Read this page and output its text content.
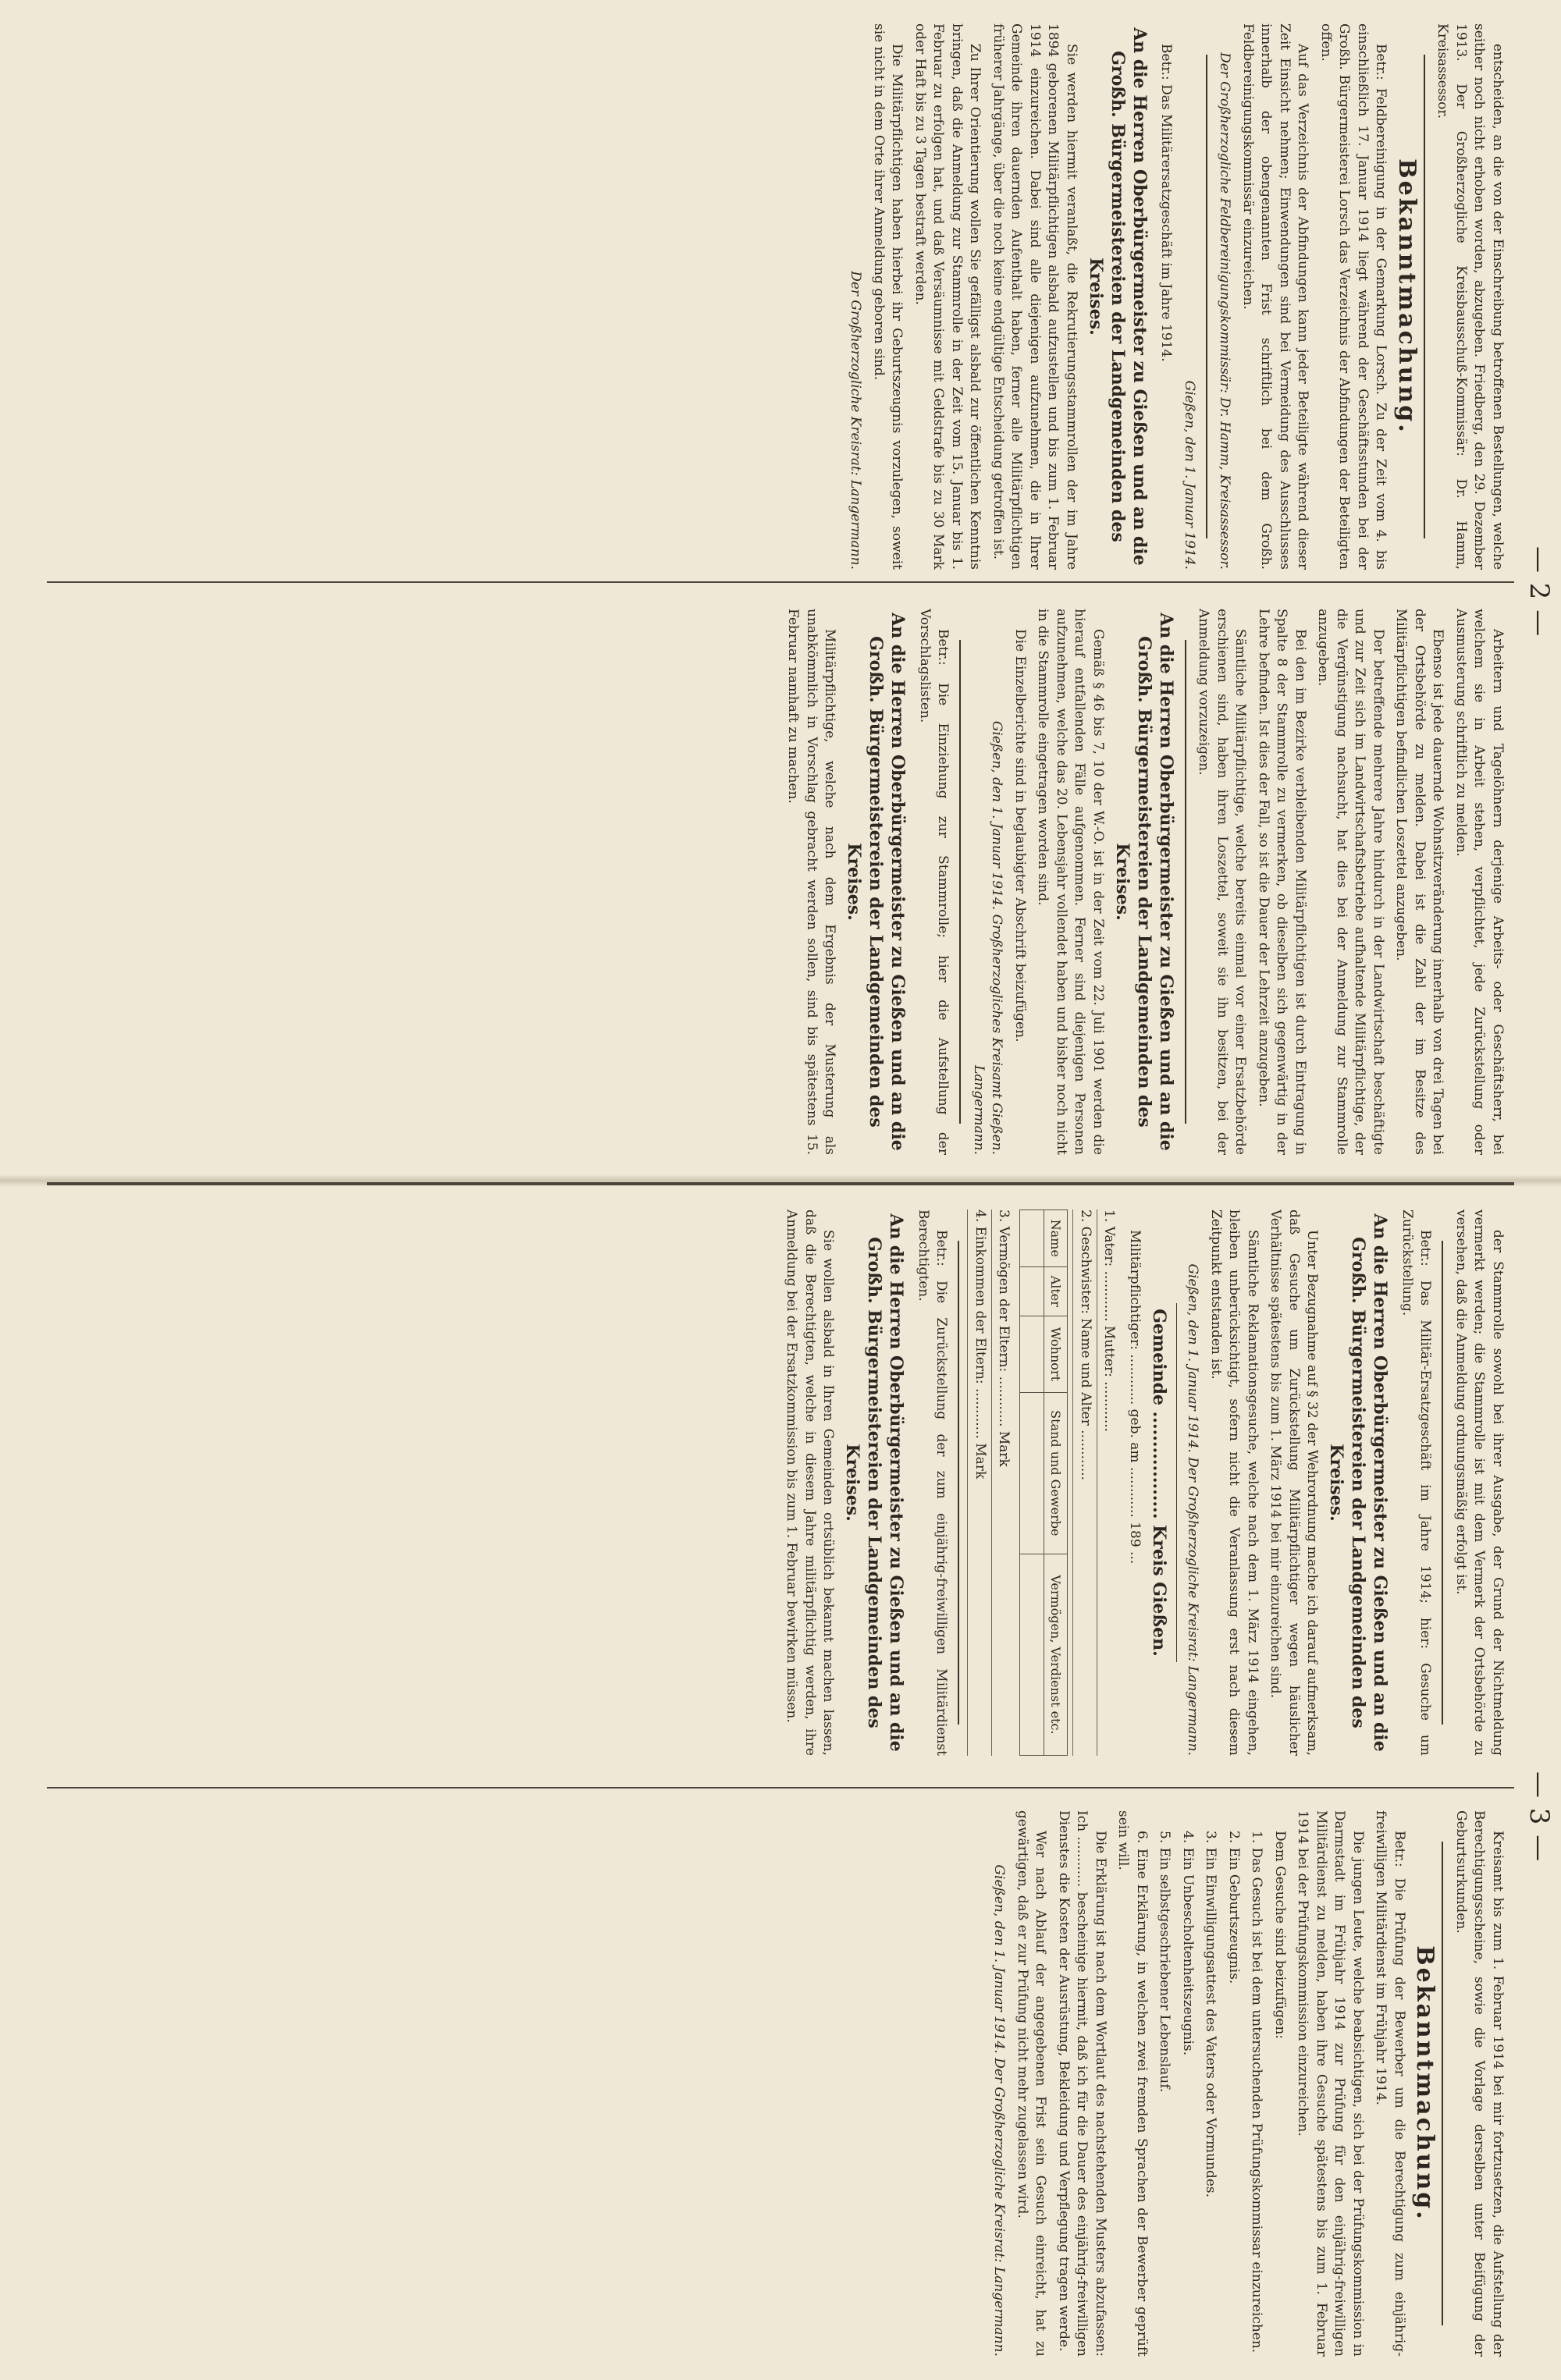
— 2 —
— 3 —

entscheiden, an die von der Einschreibung betroffenen Bestellungen, welche seither noch nicht erhoben worden, abzugeben. Friedberg, den 29. Dezember 1913. Der Großherzogliche Kreisbausschuß-Kommissär: Dr. Hamm, Kreisassessor.

Bekanntmachung.

Betr.: Feldbereinigung in der Gemarkung Lorsch. Zu der Zeit vom 4. bis einschließlich 17. Januar 1914 liegt während der Geschäftsstunden bei der Großh. Bürgermeisterei Lorsch das Verzeichnis der Abfindungen der Beteiligten offen.

Auf das Verzeichnis der Abfindungen kann jeder Beteiligte während dieser Zeit Einsicht nehmen; Einwendungen sind bei Vermeidung des Ausschlusses innerhalb der obengenannten Frist schriftlich bei dem Großh. Feldbereinigungskommissär einzureichen.

Der Großherzogliche Feldbereinigungskommissär: Dr. Hamm, Kreisassessor.

Gießen, den 1. Januar 1914.

Betr.: Das Militärersatzgeschäft im Jahre 1914.

An die Herren Oberbürgermeister zu Gießen und an die Großh. Bürgermeistereien der Landgemeinden des Kreises.

Sie werden hiermit veranlaßt, die Rekrutierungsstammrollen der im Jahre 1894 geborenen Militärpflichtigen alsbald aufzustellen und bis zum 1. Februar 1914 einzureichen. Dabei sind alle diejenigen aufzunehmen, die in Ihrer Gemeinde ihren dauernden Aufenthalt haben, ferner alle Militärpflichtigen früherer Jahrgänge, über die noch keine endgültige Entscheidung getroffen ist.

Zu Ihrer Orientierung wollen Sie gefälligst alsbald zur öffentlichen Kenntnis bringen, daß die Anmeldung zur Stammrolle in der Zeit vom 15. Januar bis 1. Februar zu erfolgen hat, und daß Versäumnisse mit Geldstrafe bis zu 30 Mark oder Haft bis zu 3 Tagen bestraft werden.

Die Militärpflichtigen haben hierbei ihr Geburtszeugnis vorzulegen, soweit sie nicht in dem Orte ihrer Anmeldung geboren sind.

Der Großherzogliche Kreisrat: Langermann.

Arbeitern und Tagelöhnern derjenige Arbeits- oder Geschäftsherr, bei welchem sie in Arbeit stehen, verpflichtet, jede Zurückstellung oder Ausmusterung schriftlich zu melden.

Ebenso ist jede dauernde Wohnsitzveränderung innerhalb von drei Tagen bei der Ortsbehörde zu melden. Dabei ist die Zahl der im Besitze des Militärpflichtigen befindlichen Loszettel anzugeben.

Der betreffende mehrere Jahre hindurch in der Landwirtschaft beschäftigte und zur Zeit sich im Landwirtschaftsbetriebe aufhaltende Militärpflichtige, der die Vergünstigung nachsucht, hat dies bei der Anmeldung zur Stammrolle anzugeben.

Bei den im Bezirke verbleibenden Militärpflichtigen ist durch Eintragung in Spalte 8 der Stammrolle zu vermerken, ob dieselben sich gegenwärtig in der Lehre befinden. Ist dies der Fall, so ist die Dauer der Lehrzeit anzugeben.

Sämtliche Militärpflichtige, welche bereits einmal vor einer Ersatzbehörde erschienen sind, haben ihren Loszettel, soweit sie ihn besitzen, bei der Anmeldung vorzuzeigen.

An die Herren Oberbürgermeister zu Gießen und an die Großh. Bürgermeistereien der Landgemeinden des Kreises.

Gemäß § 46 bis 7, 10 der W.-O. ist in der Zeit vom 22. Juli 1901 werden die hierauf entfallenden Fälle aufgenommen. Ferner sind diejenigen Personen aufzunehmen, welche das 20. Lebensjahr vollendet haben und bisher noch nicht in die Stammrolle eingetragen worden sind.

Die Einzelberichte sind in beglaubigter Abschrift beizufügen.

Gießen, den 1. Januar 1914. Großherzogliches Kreisamt Gießen. Langermann.

Betr.: Die Einziehung zur Stammrolle; hier die Aufstellung der Vorschlagslisten.

An die Herren Oberbürgermeister zu Gießen und an die Großh. Bürgermeistereien der Landgemeinden des Kreises.

Militärpflichtige, welche nach dem Ergebnis der Musterung als unabkömmlich in Vorschlag gebracht werden sollen, sind bis spätestens 15. Februar namhaft zu machen.

der Stammrolle sowohl bei ihrer Ausgabe, der Grund der Nichtmeldung vermerkt werden; die Stammrolle ist mit dem Vermerk der Ortsbehörde zu versehen, daß die Anmeldung ordnungsmäßig erfolgt ist.

Betr.: Das Militär-Ersatzgeschäft im Jahre 1914; hier: Gesuche um Zurückstellung.

An die Herren Oberbürgermeister zu Gießen und an die Großh. Bürgermeistereien der Landgemeinden des Kreises.

Unter Bezugnahme auf § 32 der Wehrordnung mache ich darauf aufmerksam, daß Gesuche um Zurückstellung Militärpflichtiger wegen häuslicher Verhältnisse spätestens bis zum 1. März 1914 bei mir einzureichen sind.

Sämtliche Reklamationsgesuche, welche nach dem 1. März 1914 eingehen, bleiben unberücksichtigt, sofern nicht die Veranlassung erst nach diesem Zeitpunkt entstanden ist.

Gießen, den 1. Januar 1914. Der Großherzogliche Kreisrat: Langermann.

Gemeinde .................. Kreis Gießen.

Militärpflichtiger: ............ geb. am ............ 189 ...

1. Vater: ............ Mutter: ............
2. Geschwister: Name und Alter ............
Name	Alter	Wohnort	Stand und Gewerbe	Vermögen, Verdienst etc.

3. Vermögen der Eltern: ............ Mark
4. Einkommen der Eltern: ............ Mark

Betr.: Die Zurückstellung der zum einjährig-freiwilligen Militärdienst Berechtigten.

An die Herren Oberbürgermeister zu Gießen und an die Großh. Bürgermeistereien der Landgemeinden des Kreises.

Sie wollen alsbald in Ihren Gemeinden ortsüblich bekannt machen lassen, daß die Berechtigten, welche in diesem Jahre militärpflichtig werden, ihre Anmeldung bei der Ersatzkommission bis zum 1. Februar bewirken müssen.

Kreisamt bis zum 1. Februar 1914 bei mir fortzusetzen, die Aufstellung der Berechtigungsscheine, sowie die Vorlage derselben unter Beifügung der Geburtsurkunden.

Bekanntmachung.

Betr.: Die Prüfung der Bewerber um die Berechtigung zum einjährig-freiwilligen Militärdienst im Frühjahr 1914.

Die jungen Leute, welche beabsichtigen, sich bei der Prüfungskommission in Darmstadt im Frühjahr 1914 zur Prüfung für den einjährig-freiwilligen Militärdienst zu melden, haben ihre Gesuche spätestens bis zum 1. Februar 1914 bei der Prüfungskommission einzureichen.

Dem Gesuche sind beizufügen:

1. Das Gesuch ist bei dem untersuchenden Prüfungskommissar einzureichen.

2. Ein Geburtszeugnis.

3. Ein Einwilligungsattest des Vaters oder Vormundes.

4. Ein Unbescholtenheitszeugnis.

5. Ein selbstgeschriebener Lebenslauf.

6. Eine Erklärung, in welchen zwei fremden Sprachen der Bewerber geprüft sein will.

Die Erklärung ist nach dem Wortlaut des nachstehenden Musters abzufassen: Ich ............ bescheinige hiermit, daß ich für die Dauer des einjährig-freiwilligen Dienstes die Kosten der Ausrüstung, Bekleidung und Verpflegung tragen werde.

Wer nach Ablauf der angegebenen Frist sein Gesuch einreicht, hat zu gewärtigen, daß er zur Prüfung nicht mehr zugelassen wird.

Gießen, den 1. Januar 1914. Der Großherzogliche Kreisrat: Langermann.
